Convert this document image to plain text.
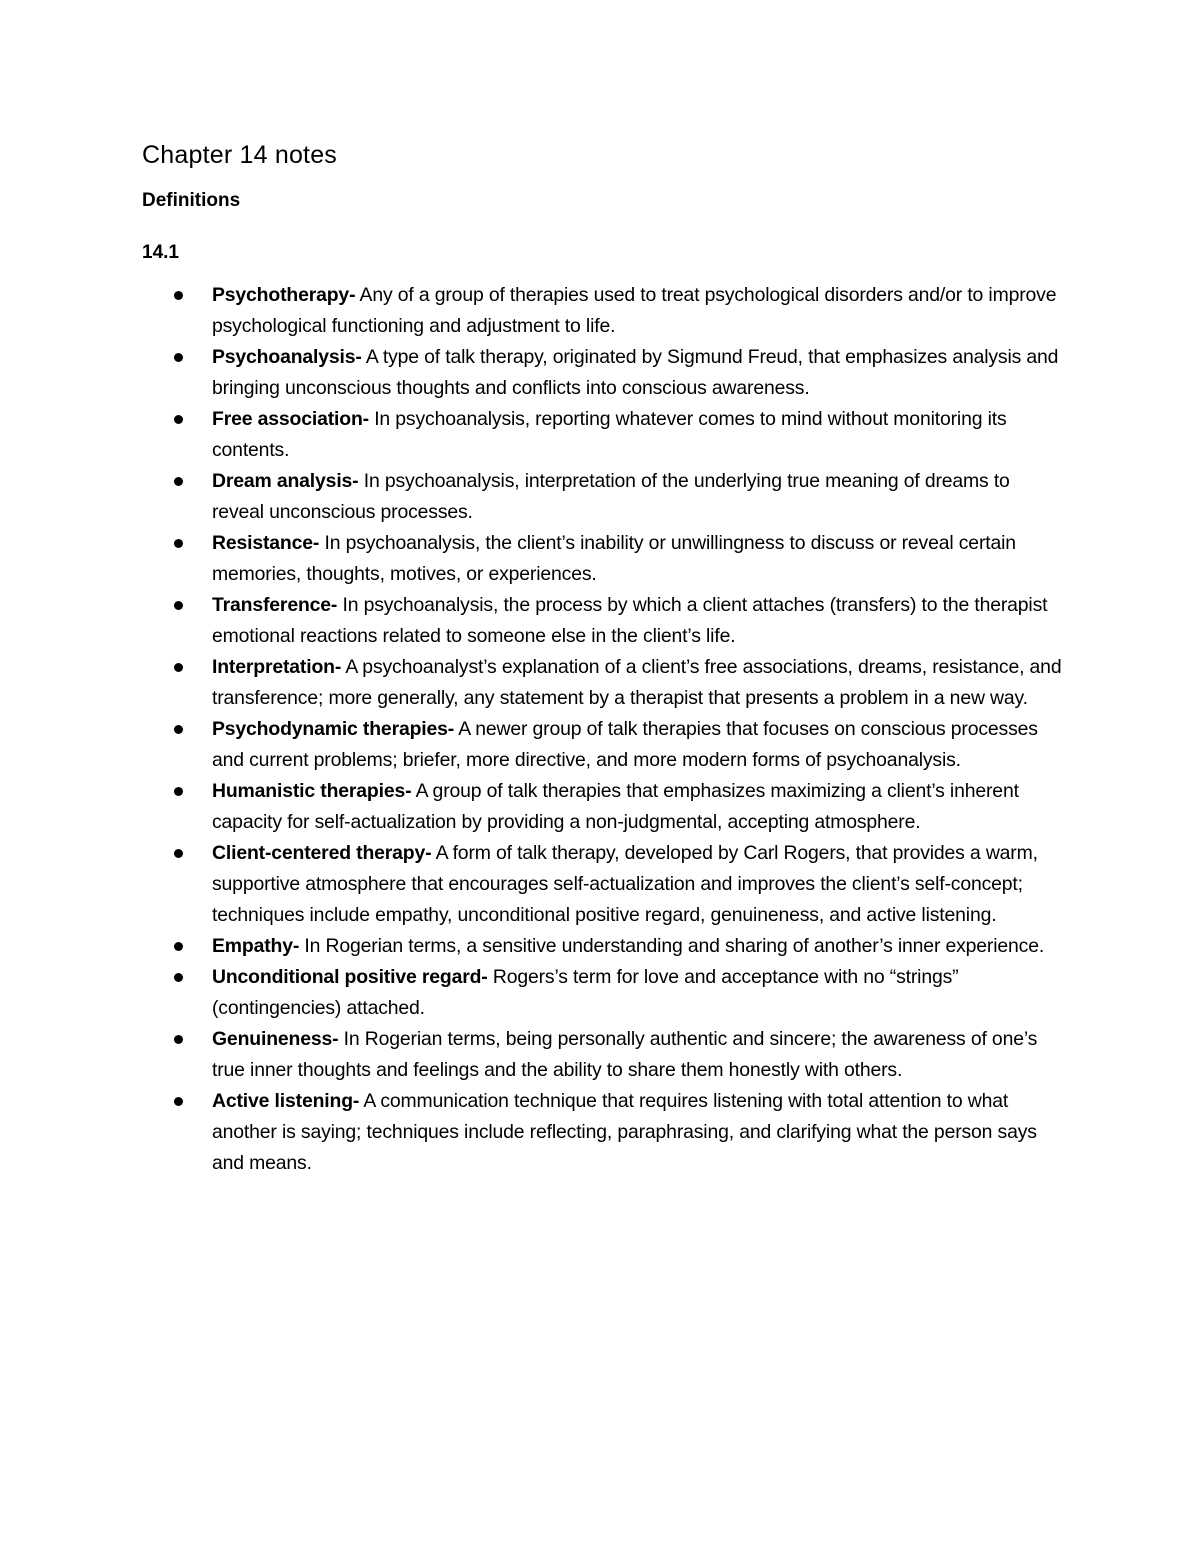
Chapter 14 notes
Definitions
14.1
Psychotherapy- Any of a group of therapies used to treat psychological disorders and/or to improve psychological functioning and adjustment to life.
Psychoanalysis- A type of talk therapy, originated by Sigmund Freud, that emphasizes analysis and bringing unconscious thoughts and conflicts into conscious awareness.
Free association- In psychoanalysis, reporting whatever comes to mind without monitoring its contents.
Dream analysis- In psychoanalysis, interpretation of the underlying true meaning of dreams to reveal unconscious processes.
Resistance- In psychoanalysis, the client’s inability or unwillingness to discuss or reveal certain memories, thoughts, motives, or experiences.
Transference- In psychoanalysis, the process by which a client attaches (transfers) to the therapist emotional reactions related to someone else in the client’s life.
Interpretation- A psychoanalyst’s explanation of a client’s free associations, dreams, resistance, and transference; more generally, any statement by a therapist that presents a problem in a new way.
Psychodynamic therapies- A newer group of talk therapies that focuses on conscious processes and current problems; briefer, more directive, and more modern forms of psychoanalysis.
Humanistic therapies- A group of talk therapies that emphasizes maximizing a client’s inherent capacity for self-actualization by providing a non-judgmental, accepting atmosphere.
Client-centered therapy- A form of talk therapy, developed by Carl Rogers, that provides a warm, supportive atmosphere that encourages self-actualization and improves the client’s self-concept; techniques include empathy, unconditional positive regard, genuineness, and active listening.
Empathy- In Rogerian terms, a sensitive understanding and sharing of another’s inner experience.
Unconditional positive regard- Rogers’s term for love and acceptance with no “strings” (contingencies) attached.
Genuineness- In Rogerian terms, being personally authentic and sincere; the awareness of one’s true inner thoughts and feelings and the ability to share them honestly with others.
Active listening- A communication technique that requires listening with total attention to what another is saying; techniques include reflecting, paraphrasing, and clarifying what the person says and means.
